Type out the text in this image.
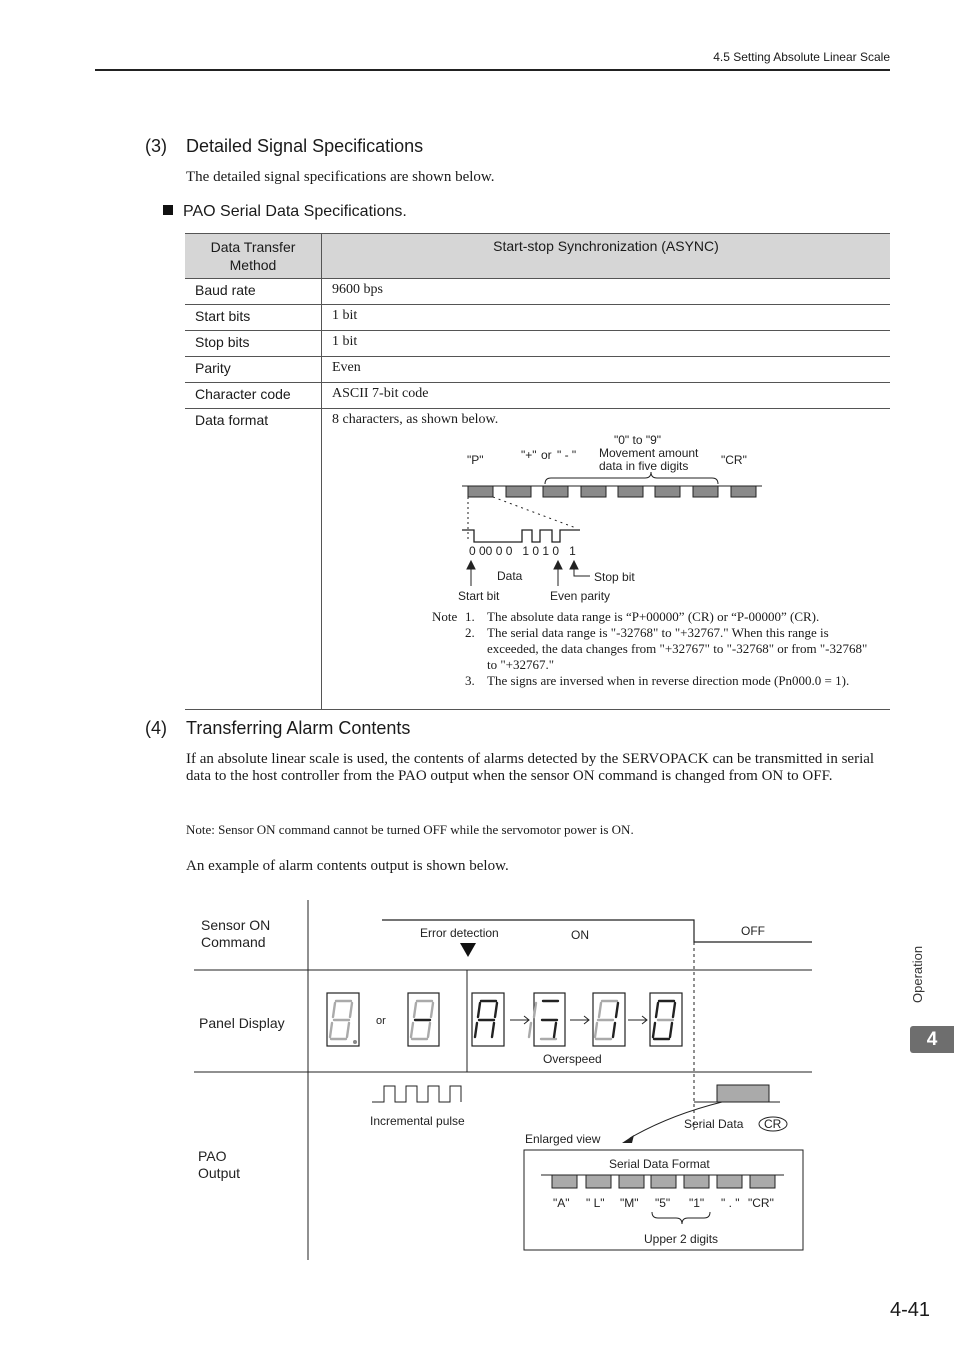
4.5 Setting Absolute Linear Scale
(3) Detailed Signal Specifications

The detailed signal specifications are shown below.

PAO Serial Data Specifications.
Data Transfer Method	Start-stop Synchronization (ASYNC)
Baud rate	9600 bps
Start bits	1 bit
Stop bits	1 bit
Parity	Even
Character code	ASCII 7-bit code
Data format	8 characters, as shown below.
"P"	"+" or " - "
"0" to "9"
Movement amount
data in five digits	"CR"
0 00 0 0   1 0 1 0   1
Data	Stop bit
Start bit	Even parity
Note 1. The absolute data range is “P+00000” (CR) or “P-00000” (CR).
2. The serial data range is "-32768" to "+32767." When this range is exceeded, the data changes from "+32767" to "-32768" or from "-32768" to "+32767."
3. The signs are inversed when in reverse direction mode (Pn000.0 = 1).
(4) Transferring Alarm Contents

If an absolute linear scale is used, the contents of alarms detected by the SERVOPACK can be transmitted in serial data to the host controller from the PAO output when the sensor ON command is changed from ON to OFF.

Note: Sensor ON command cannot be turned OFF while the servomotor power is ON.

An example of alarm contents output is shown below.

Sensor ON
Command
Panel Display
PAO
Output
Error detection	ON	OFF
or
Overspeed
Incremental pulse	Serial Data CR
Enlarged view
Serial Data Format
"A" " L" "M" "5" "1" " . " "CR"
Upper 2 digits
Operation
4
4-41
